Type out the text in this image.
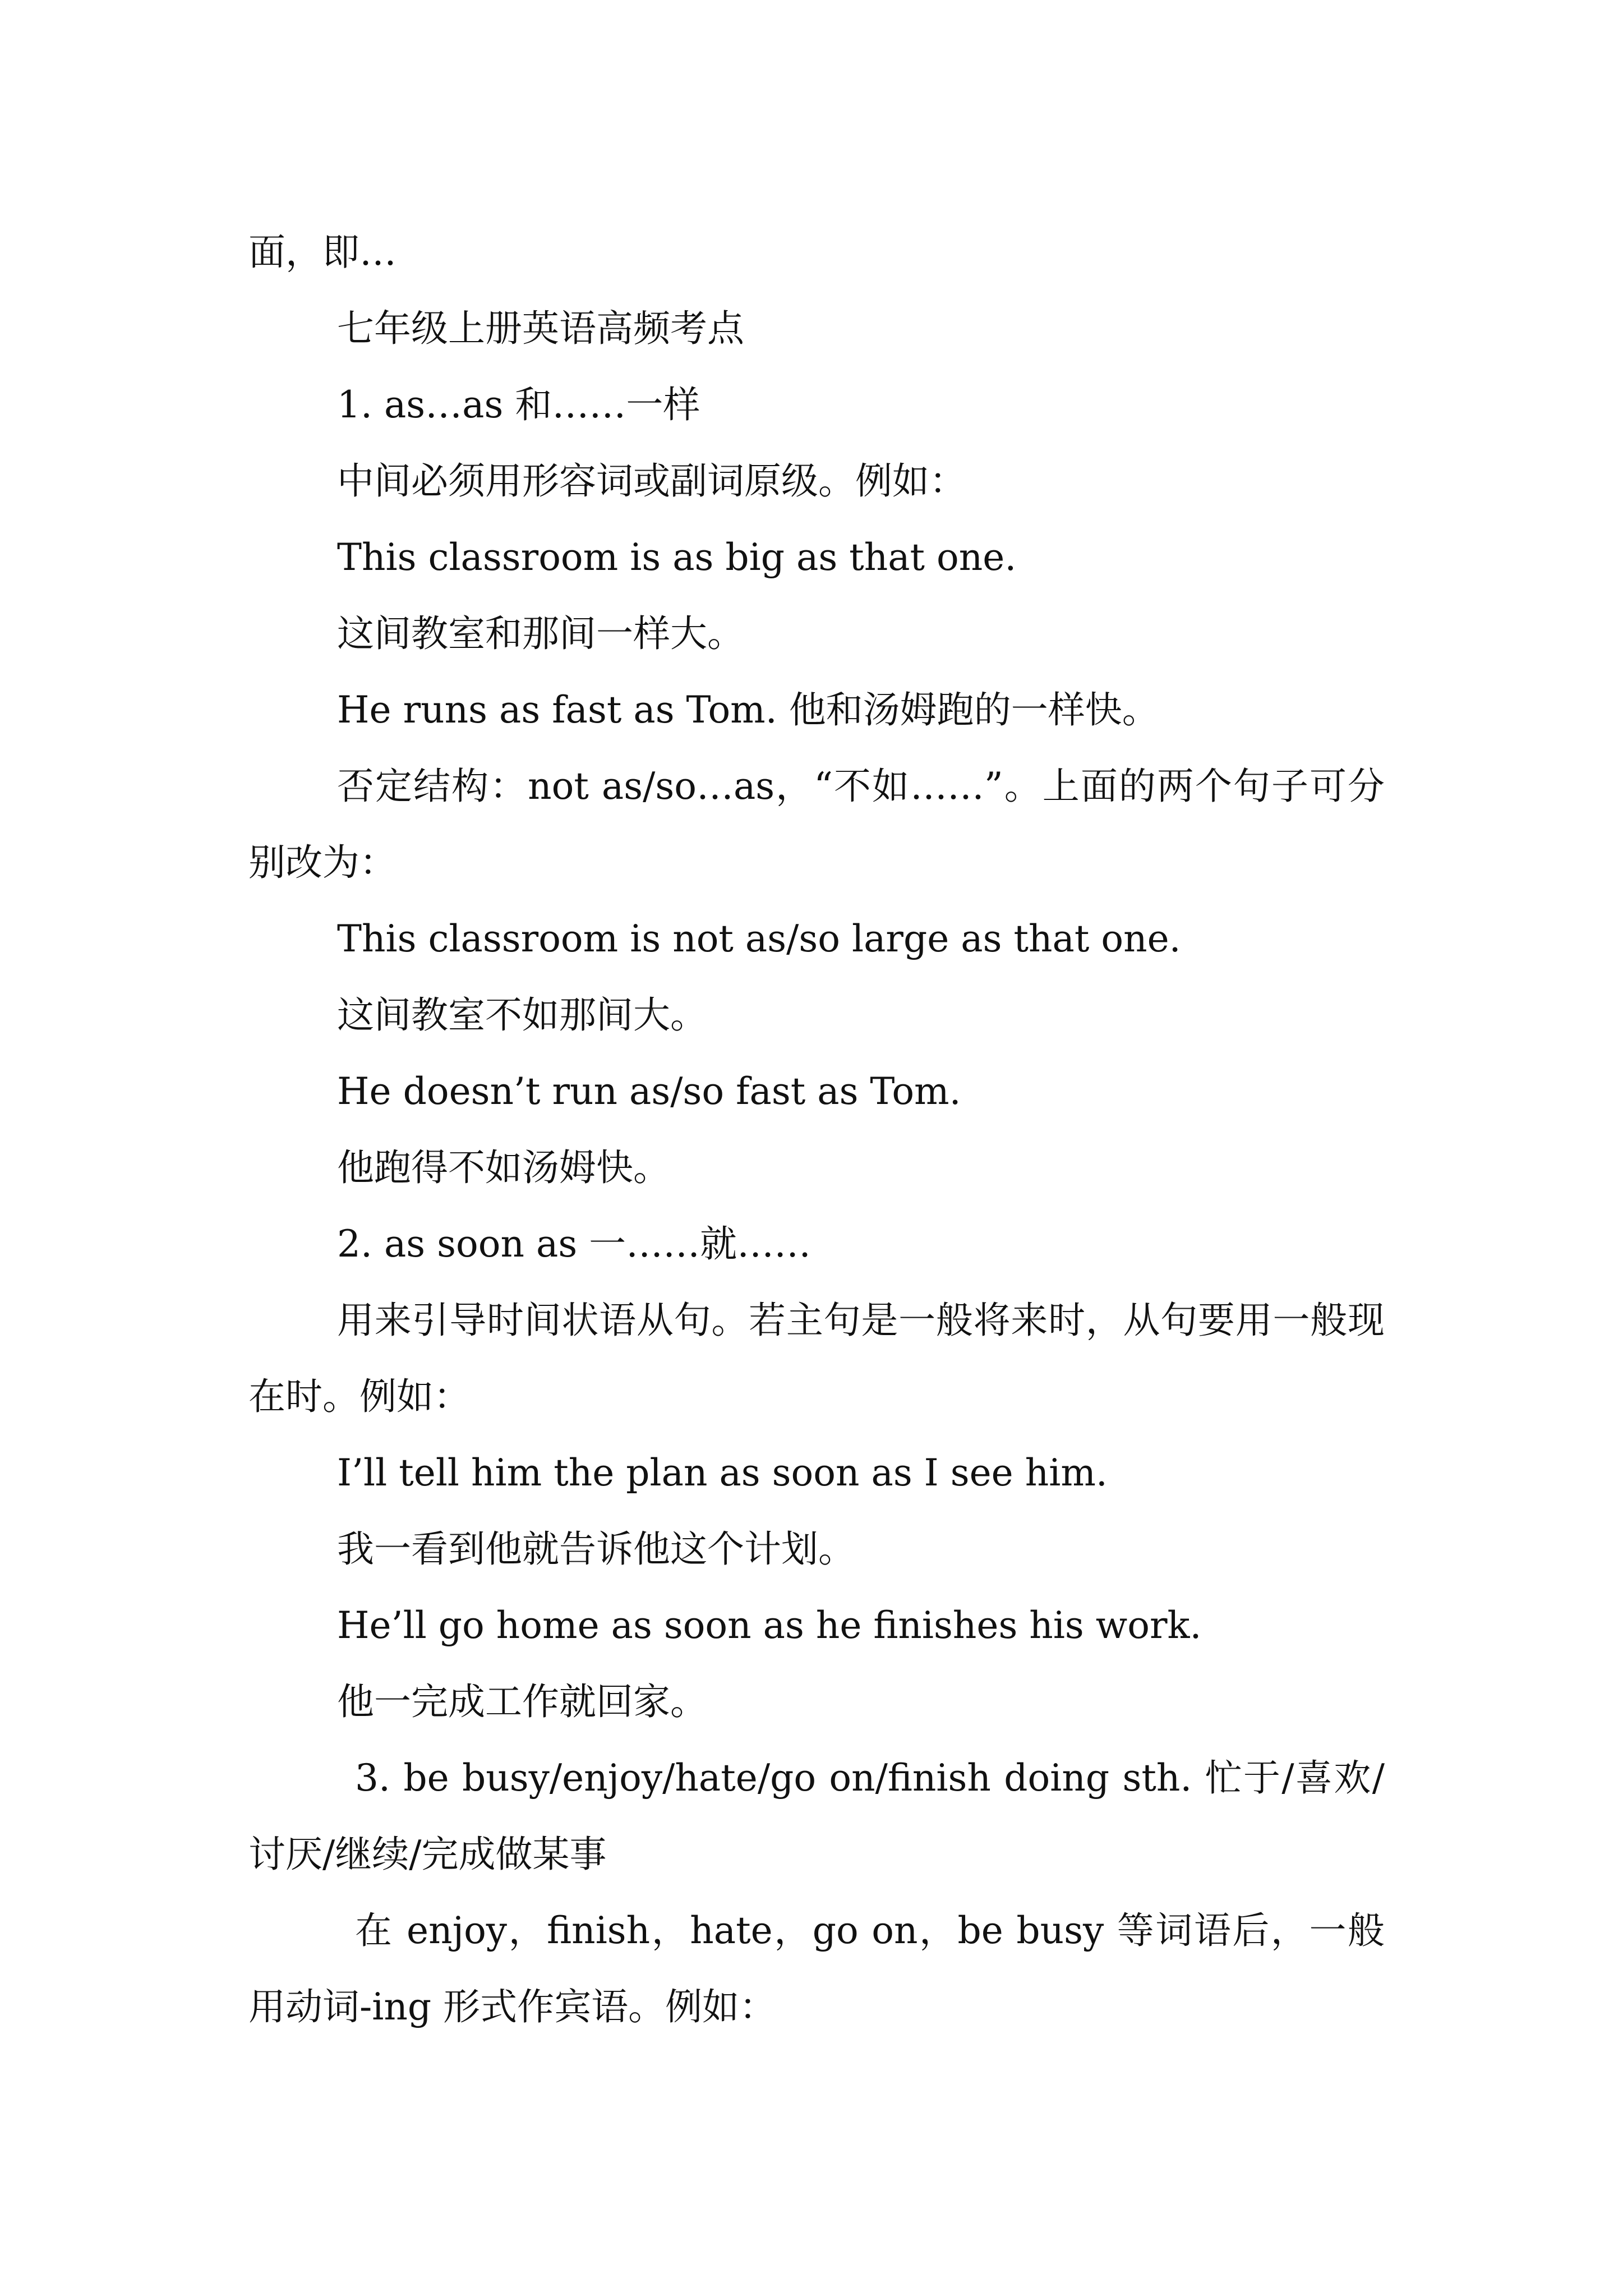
面，即…

七年级上册英语高频考点

1. as…as 和……一样

中间必须用形容词或副词原级。例如：

This classroom is as big as that one.

这间教室和那间一样大。

He runs as fast as Tom. 他和汤姆跑的一样快。

否定结构：not as/so…as，“不如……”。上面的两个句子可分别改为：

This classroom is not as/so large as that one.

这间教室不如那间大。

He doesn’t run as/so fast as Tom.

他跑得不如汤姆快。

2. as soon as 一……就……

用来引导时间状语从句。若主句是一般将来时，从句要用一般现在时。例如：

I’ll tell him the plan as soon as I see him.

我一看到他就告诉他这个计划。

He’ll go home as soon as he finishes his work.

他一完成工作就回家。

3. be busy/enjoy/hate/go on/finish doing sth. 忙于/喜欢/讨厌/继续/完成做某事

在 enjoy，finish，hate，go on，be busy 等词语后，一般用动词-ing 形式作宾语。例如：
